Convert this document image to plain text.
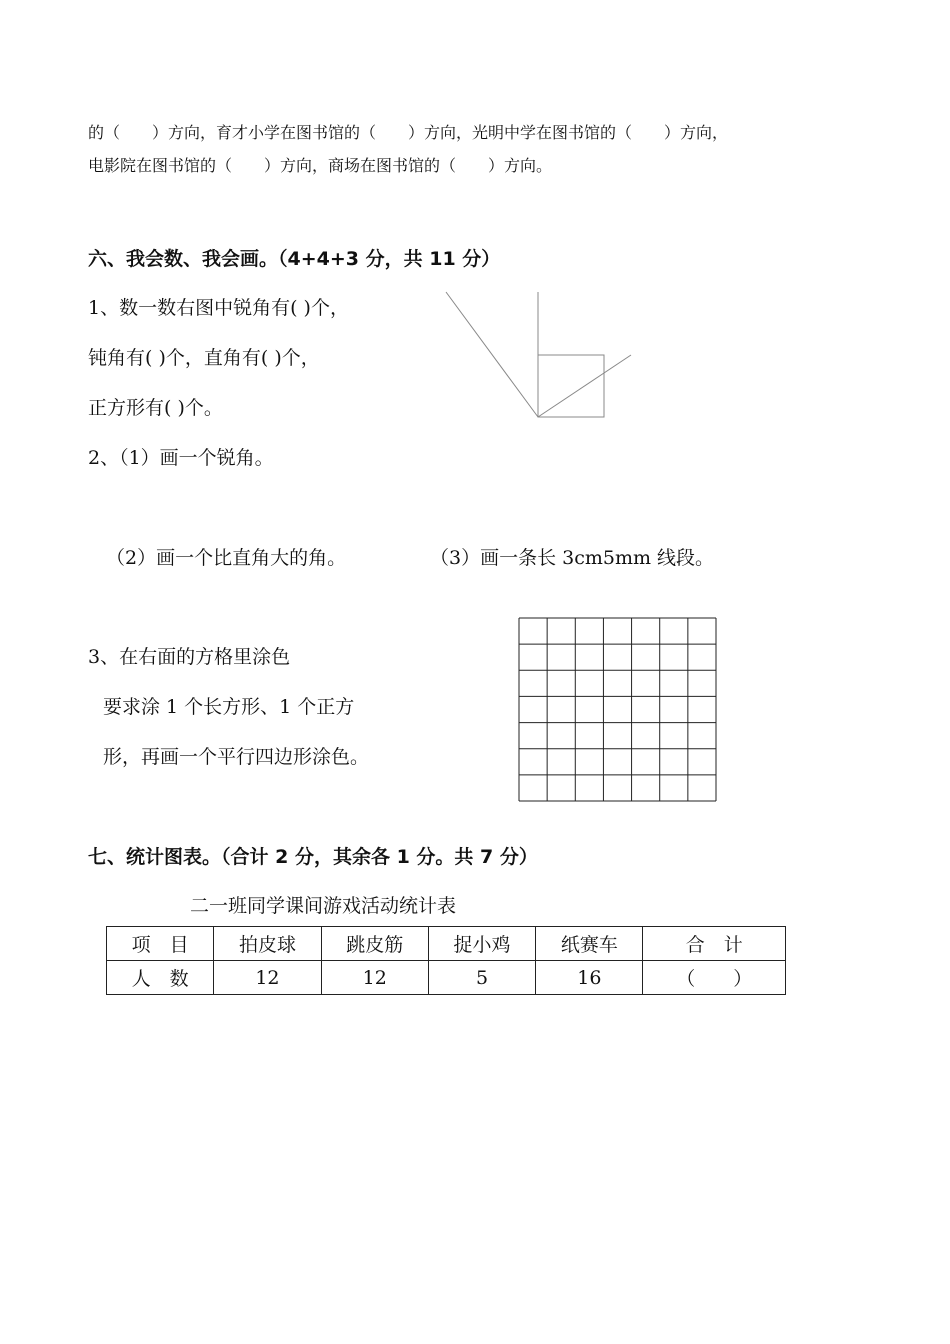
的（　　）方向，育才小学在图书馆的（　　）方向，光明中学在图书馆的（　　）方向，
电影院在图书馆的（　　）方向，商场在图书馆的（　　）方向。
六、我会数、我会画。（4+4+3 分，共 11 分）
1、数一数右图中锐角有( )个，
钝角有( )个，直角有( )个，
正方形有( )个。
2、（1）画一个锐角。
（2）画一个比直角大的角。	（3）画一条长 3cm5mm 线段。
3、在右面的方格里涂色
要求涂 1 个长方形、1 个正方
形，再画一个平行四边形涂色。
七、统计图表。（合计 2 分，其余各 1 分。共 7 分）
二一班同学课间游戏活动统计表
项　目	拍皮球	跳皮筋	捉小鸡	纸赛车	合　计
人　数	12	12	5	16	（　　）
